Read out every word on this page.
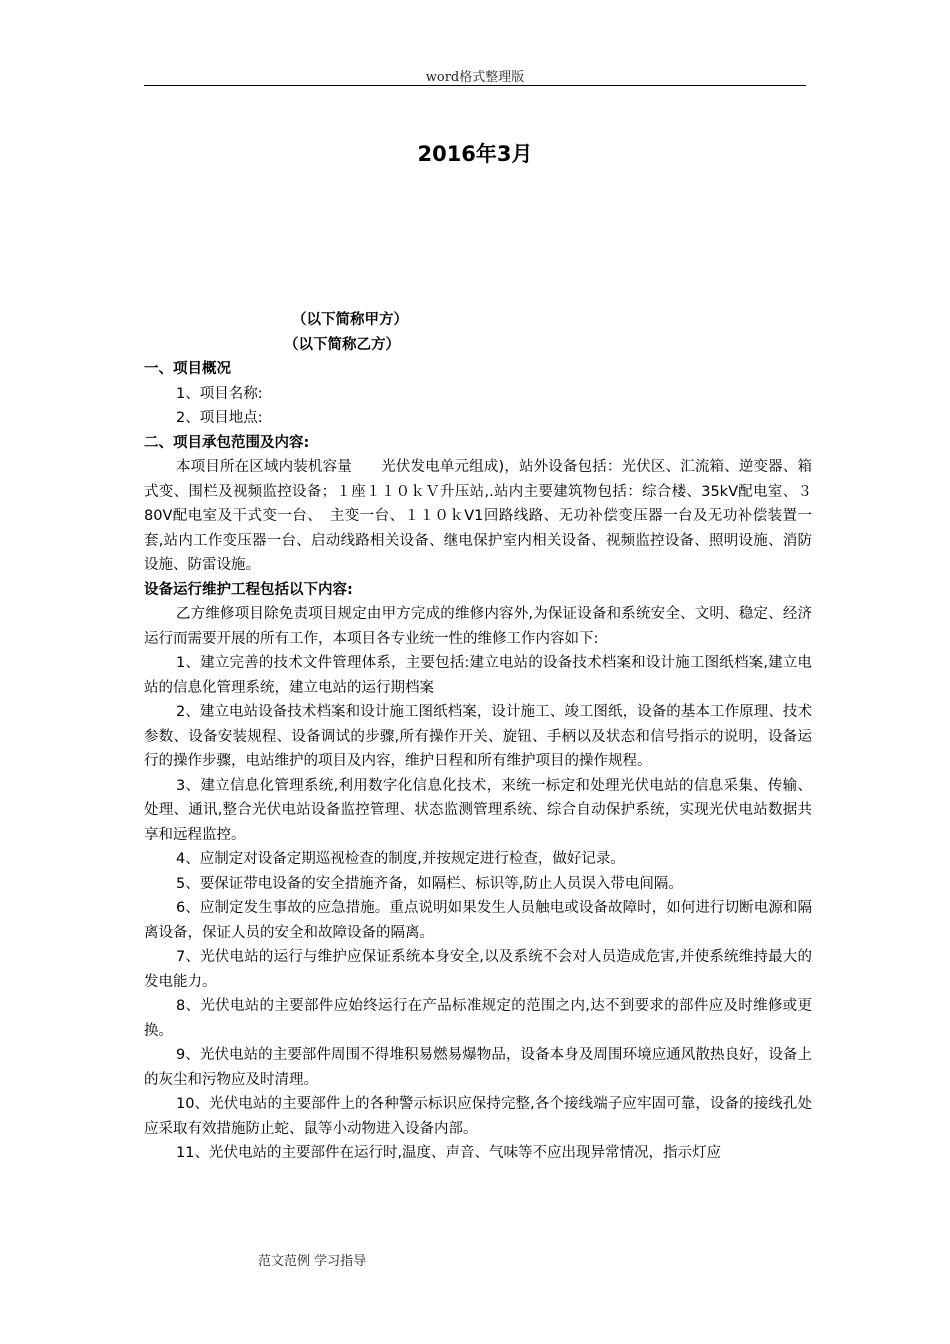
word格式整理版
2016年3月

（以下简称甲方）

（以下简称乙方）

一、项目概况

1、项目名称:

2、项目地点:

二、项目承包范围及内容:

本项目所在区域内装机容量　　光伏发电单元组成)，站外设备包括：光伏区、汇流箱、逆变器、箱式变、围栏及视频监控设备；１座１１０ｋＶ升压站,.站内主要建筑物包括：综合楼、35kV配电室、３80V配电室及干式变一台、　主变一台、１１０ｋV1回路线路、无功补偿变压器一台及无功补偿装置一套,站内工作变压器一台、启动线路相关设备、继电保护室内相关设备、视频监控设备、照明设施、消防设施、防雷设施。

设备运行维护工程包括以下内容:

乙方维修项目除免责项目规定由甲方完成的维修内容外,为保证设备和系统安全、文明、稳定、经济运行而需要开展的所有工作，本项目各专业统一性的维修工作内容如下:

1、建立完善的技术文件管理体系，主要包括:建立电站的设备技术档案和设计施工图纸档案,建立电站的信息化管理系统，建立电站的运行期档案

2、建立电站设备技术档案和设计施工图纸档案，设计施工、竣工图纸，设备的基本工作原理、技术参数、设备安装规程、设备调试的步骤,所有操作开关、旋钮、手柄以及状态和信号指示的说明，设备运行的操作步骤，电站维护的项目及内容，维护日程和所有维护项目的操作规程。

3、建立信息化管理系统,利用数字化信息化技术，来统一标定和处理光伏电站的信息采集、传输、处理、通讯,整合光伏电站设备监控管理、状态监测管理系统、综合自动保护系统，实现光伏电站数据共享和远程监控。

4、应制定对设备定期巡视检查的制度,并按规定进行检查，做好记录。

5、要保证带电设备的安全措施齐备，如隔栏、标识等,防止人员误入带电间隔。

6、应制定发生事故的应急措施。重点说明如果发生人员触电或设备故障时，如何进行切断电源和隔离设备，保证人员的安全和故障设备的隔离。

7、光伏电站的运行与维护应保证系统本身安全,以及系统不会对人员造成危害,并使系统维持最大的发电能力。

8、光伏电站的主要部件应始终运行在产品标准规定的范围之内,达不到要求的部件应及时维修或更换。

9、光伏电站的主要部件周围不得堆积易燃易爆物品，设备本身及周围环境应通风散热良好，设备上的灰尘和污物应及时清理。

10、光伏电站的主要部件上的各种警示标识应保持完整,各个接线端子应牢固可靠，设备的接线孔处应采取有效措施防止蛇、鼠等小动物进入设备内部。

11、光伏电站的主要部件在运行时,温度、声音、气味等不应出现异常情况，指示灯应

范文范例 学习指导
